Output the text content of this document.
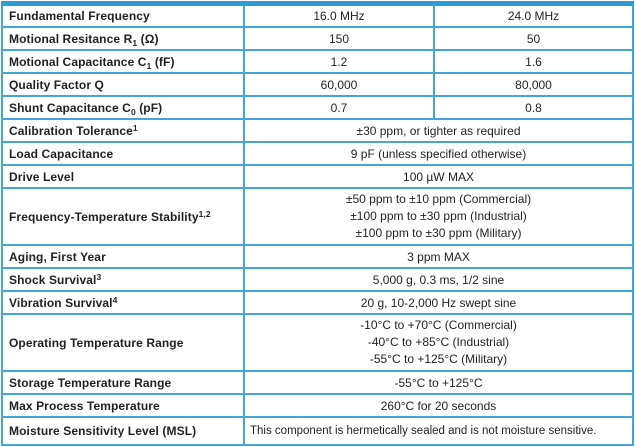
Fundamental Frequency	16.0 MHz	24.0 MHz
Motional Resitance $R_1$ (Ω)	150	50
Motional Capacitance $C_1$ (fF)	1.2	1.6
Quality Factor Q	60,000	80,000
Shunt Capacitance $C_0$ (pF)	0.7	0.8
Calibration Tolerance$^1$	±30 ppm, or tighter as required	
Load Capacitance	9 pF (unless specified otherwise)	
Drive Level	100 µW MAX	
Frequency-Temperature Stability$^{1,2}$	±50 ppm to ±10 ppm (Commercial)
±100 ppm to ±30 ppm (Industrial)
±100 ppm to ±30 ppm (Military)	

Aging, First Year	3 ppm MAX	
Shock Survival$^3$	5,000 g, 0.3 ms, 1/2 sine	
Vibration Survival$^4$	20 g, 10-2,000 Hz swept sine	
Operating Temperature Range	-10°C to +70°C (Commercial)
-40°C to +85°C (Industrial)
-55°C to +125°C (Military)	

Storage Temperature Range	-55°C to +125°C	
Max Process Temperature	260°C for 20 seconds	
Moisture Sensitivity Level (MSL)	This component is hermetically sealed and is not moisture sensitive.	
